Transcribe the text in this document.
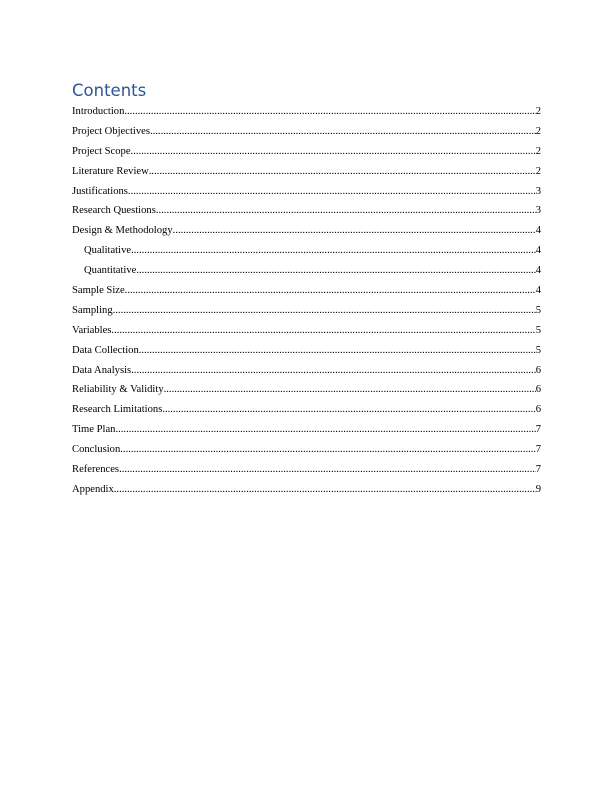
Contents
Introduction .....	2
Project Objectives .....	2
Project Scope .....	2
Literature Review .....	2
Justifications .....	3
Research Questions .....	3
Design & Methodology .....	4
Qualitative .....	4
Quantitative .....	4
Sample Size .....	4
Sampling .....	5
Variables .....	5
Data Collection .....	5
Data Analysis .....	6
Reliability & Validity .....	6
Research Limitations .....	6
Time Plan .....	7
Conclusion .....	7
References .....	7
Appendix .....	9
